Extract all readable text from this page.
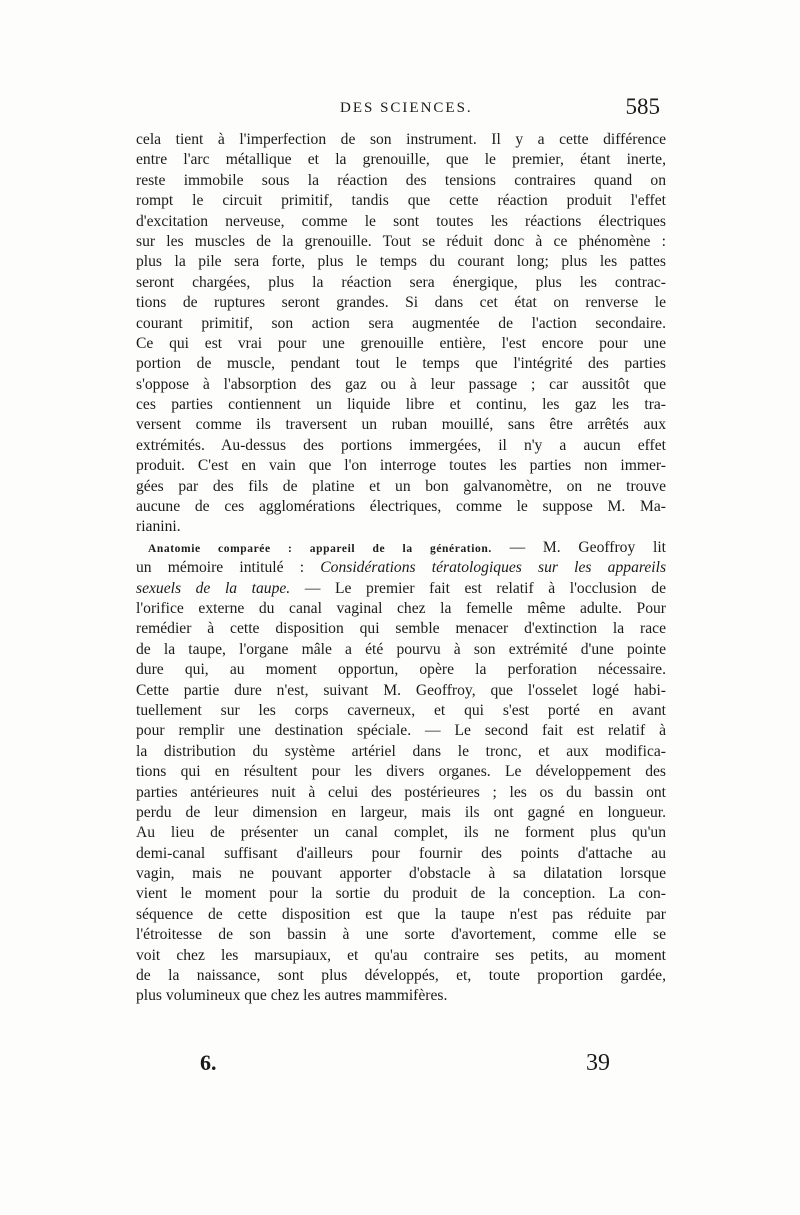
DES SCIENCES.	585
cela tient à l'imperfection de son instrument. Il y a cette différence
entre l'arc métallique et la grenouille, que le premier, étant inerte,
reste immobile sous la réaction des tensions contraires quand on
rompt le circuit primitif, tandis que cette réaction produit l'effet
d'excitation nerveuse, comme le sont toutes les réactions électriques
sur les muscles de la grenouille. Tout se réduit donc à ce phénomène :
plus la pile sera forte, plus le temps du courant long; plus les pattes
seront chargées, plus la réaction sera énergique, plus les contrac-
tions de ruptures seront grandes. Si dans cet état on renverse le
courant primitif, son action sera augmentée de l'action secondaire.
Ce qui est vrai pour une grenouille entière, l'est encore pour une
portion de muscle, pendant tout le temps que l'intégrité des parties
s'oppose à l'absorption des gaz ou à leur passage ; car aussitôt que
ces parties contiennent un liquide libre et continu, les gaz les tra-
versent comme ils traversent un ruban mouillé, sans être arrêtés aux
extrémités. Au-dessus des portions immergées, il n'y a aucun effet
produit. C'est en vain que l'on interroge toutes les parties non immer-
gées par des fils de platine et un bon galvanomètre, on ne trouve
aucune de ces agglomérations électriques, comme le suppose M. Ma-
rianini.
Anatomie comparée : appareil de la génération. — M. Geoffroy lit
un mémoire intitulé : Considérations tératologiques sur les appareils
sexuels de la taupe. — Le premier fait est relatif à l'occlusion de
l'orifice externe du canal vaginal chez la femelle même adulte. Pour
remédier à cette disposition qui semble menacer d'extinction la race
de la taupe, l'organe mâle a été pourvu à son extrémité d'une pointe
dure qui, au moment opportun, opère la perforation nécessaire.
Cette partie dure n'est, suivant M. Geoffroy, que l'osselet logé habi-
tuellement sur les corps caverneux, et qui s'est porté en avant
pour remplir une destination spéciale. — Le second fait est relatif à
la distribution du système artériel dans le tronc, et aux modifica-
tions qui en résultent pour les divers organes. Le développement des
parties antérieures nuit à celui des postérieures ; les os du bassin ont
perdu de leur dimension en largeur, mais ils ont gagné en longueur.
Au lieu de présenter un canal complet, ils ne forment plus qu'un
demi-canal suffisant d'ailleurs pour fournir des points d'attache au
vagin, mais ne pouvant apporter d'obstacle à sa dilatation lorsque
vient le moment pour la sortie du produit de la conception. La con-
séquence de cette disposition est que la taupe n'est pas réduite par
l'étroitesse de son bassin à une sorte d'avortement, comme elle se
voit chez les marsupiaux, et qu'au contraire ses petits, au moment
de la naissance, sont plus développés, et, toute proportion gardée,
plus volumineux que chez les autres mammifères.
6.	39
